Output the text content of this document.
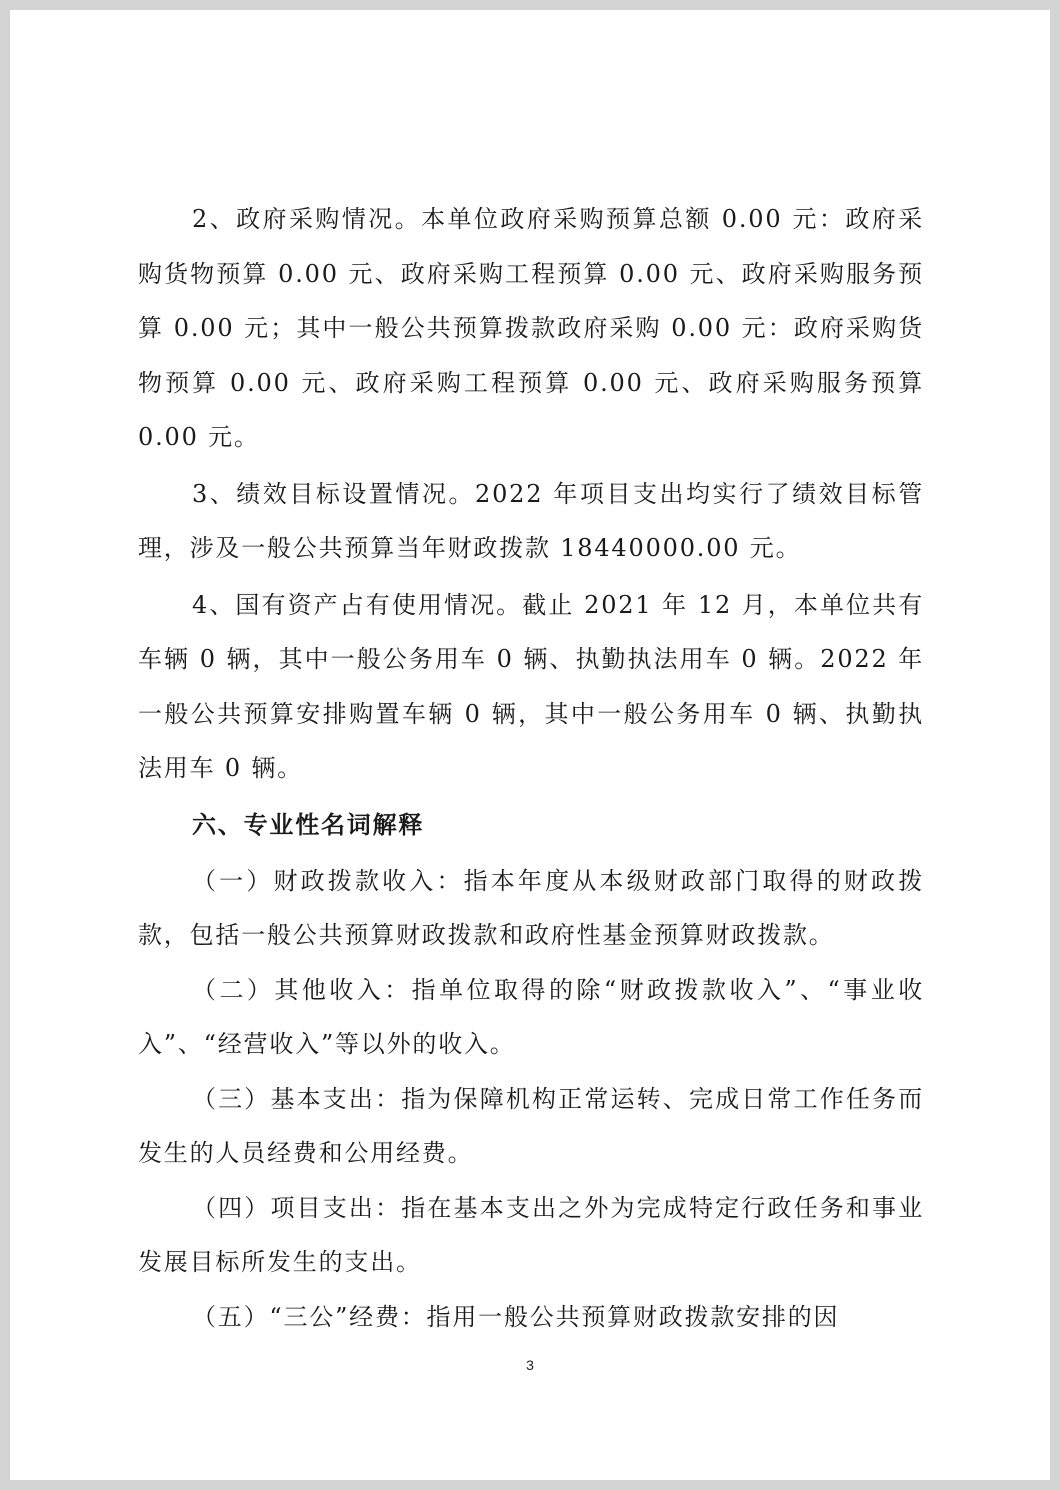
2、政府采购情况。本单位政府采购预算总额 0.00 元：政府采购货物预算 0.00 元、政府采购工程预算 0.00 元、政府采购服务预算 0.00 元；其中一般公共预算拨款政府采购 0.00 元：政府采购货物预算 0.00 元、政府采购工程预算 0.00 元、政府采购服务预算 0.00 元。

3、绩效目标设置情况。2022 年项目支出均实行了绩效目标管理，涉及一般公共预算当年财政拨款 18440000.00 元。

4、国有资产占有使用情况。截止 2021 年 12 月，本单位共有车辆 0 辆，其中一般公务用车 0 辆、执勤执法用车 0 辆。2022 年一般公共预算安排购置车辆 0 辆，其中一般公务用车 0 辆、执勤执法用车 0 辆。

六、专业性名词解释

（一）财政拨款收入：指本年度从本级财政部门取得的财政拨款，包括一般公共预算财政拨款和政府性基金预算财政拨款。

（二）其他收入：指单位取得的除“财政拨款收入”、“事业收入”、“经营收入”等以外的收入。

（三）基本支出：指为保障机构正常运转、完成日常工作任务而发生的人员经费和公用经费。

（四）项目支出：指在基本支出之外为完成特定行政任务和事业发展目标所发生的支出。

（五）“三公”经费：指用一般公共预算财政拨款安排的因

3
